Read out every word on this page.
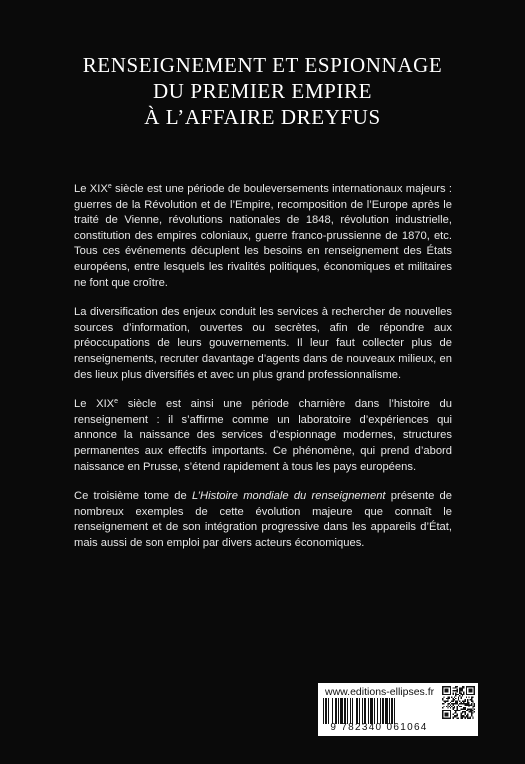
RENSEIGNEMENT ET ESPIONNAGE
DU PREMIER EMPIRE
À L’AFFAIRE DREYFUS

Le XIXe siècle est une période de bouleversements internationaux majeurs : guerres de la Révolution et de l’Empire, recomposition de l’Europe après le traité de Vienne, révolutions nationales de 1848, révolution industrielle, constitution des empires coloniaux, guerre franco-prussienne de 1870, etc. Tous ces événements décuplent les besoins en renseignement des États européens, entre lesquels les rivalités politiques, économiques et militaires ne font que croître.

La diversification des enjeux conduit les services à rechercher de nouvelles sources d’information, ouvertes ou secrètes, afin de répondre aux préoccupations de leurs gouvernements. Il leur faut collecter plus de renseignements, recruter davantage d’agents dans de nouveaux milieux, en des lieux plus diversifiés et avec un plus grand professionnalisme.

Le XIXe siècle est ainsi une période charnière dans l’histoire du renseignement : il s’affirme comme un laboratoire d’expériences qui annonce la naissance des services d’espionnage modernes, structures permanentes aux effectifs importants. Ce phénomène, qui prend d’abord naissance en Prusse, s’étend rapidement à tous les pays européens.

Ce troisième tome de L’Histoire mondiale du renseignement présente de nombreux exemples de cette évolution majeure que connaît le renseignement et de son intégration progressive dans les appareils d’État, mais aussi de son emploi par divers acteurs économiques.

www.editions-ellipses.fr
9 782340 061064
